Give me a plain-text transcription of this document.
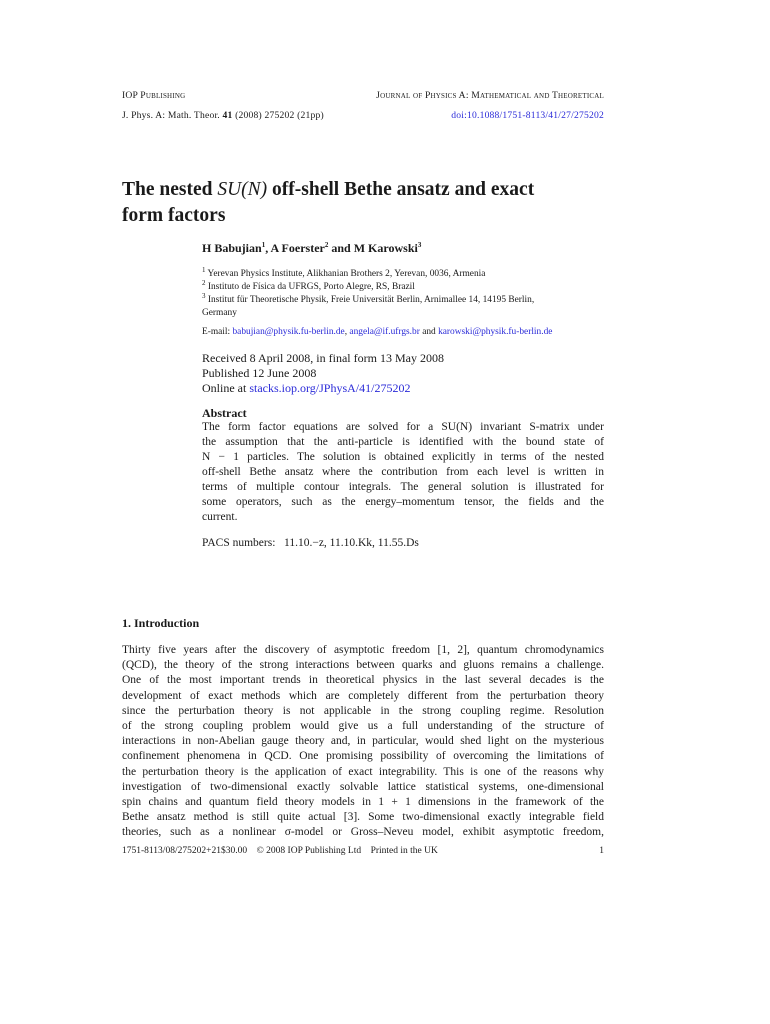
IOP Publishing	Journal of Physics A: Mathematical and Theoretical
J. Phys. A: Math. Theor. 41 (2008) 275202 (21pp)	doi:10.1088/1751-8113/41/27/275202
The nested SU(N) off-shell Bethe ansatz and exact
form factors
H Babujian$^1$, A Foerster$^2$ and M Karowski$^3$
$^1$ Yerevan Physics Institute, Alikhanian Brothers 2, Yerevan, 0036, Armenia
$^2$ Instituto de Física da UFRGS, Porto Alegre, RS, Brazil
$^3$ Institut für Theoretische Physik, Freie Universität Berlin, Arnimallee 14, 14195 Berlin,
Germany
E-mail: babujian@physik.fu-berlin.de, angela@if.ufrgs.br and karowski@physik.fu-berlin.de
Received 8 April 2008, in final form 13 May 2008
Published 12 June 2008
Online at stacks.iop.org/JPhysA/41/275202
Abstract
The form factor equations are solved for a SU(N) invariant S-matrix under
the assumption that the anti-particle is identified with the bound state of
N − 1 particles. The solution is obtained explicitly in terms of the nested
off-shell Bethe ansatz where the contribution from each level is written in
terms of multiple contour integrals. The general solution is illustrated for
some operators, such as the energy–momentum tensor, the fields and the
current.
PACS numbers:   11.10.−z, 11.10.Kk, 11.55.Ds
1. Introduction
Thirty five years after the discovery of asymptotic freedom [1, 2], quantum chromodynamics
(QCD), the theory of the strong interactions between quarks and gluons remains a challenge.
One of the most important trends in theoretical physics in the last several decades is the
development of exact methods which are completely different from the perturbation theory
since the perturbation theory is not applicable in the strong coupling regime. Resolution
of the strong coupling problem would give us a full understanding of the structure of
interactions in non-Abelian gauge theory and, in particular, would shed light on the mysterious
confinement phenomena in QCD. One promising possibility of overcoming the limitations of
the perturbation theory is the application of exact integrability. This is one of the reasons why
investigation of two-dimensional exactly solvable lattice statistical systems, one-dimensional
spin chains and quantum field theory models in 1 + 1 dimensions in the framework of the
Bethe ansatz method is still quite actual [3]. Some two-dimensional exactly integrable field
theories, such as a nonlinear σ-model or Gross–Neveu model, exhibit asymptotic freedom,
1751-8113/08/275202+21$30.00    © 2008 IOP Publishing Ltd    Printed in the UK	1
